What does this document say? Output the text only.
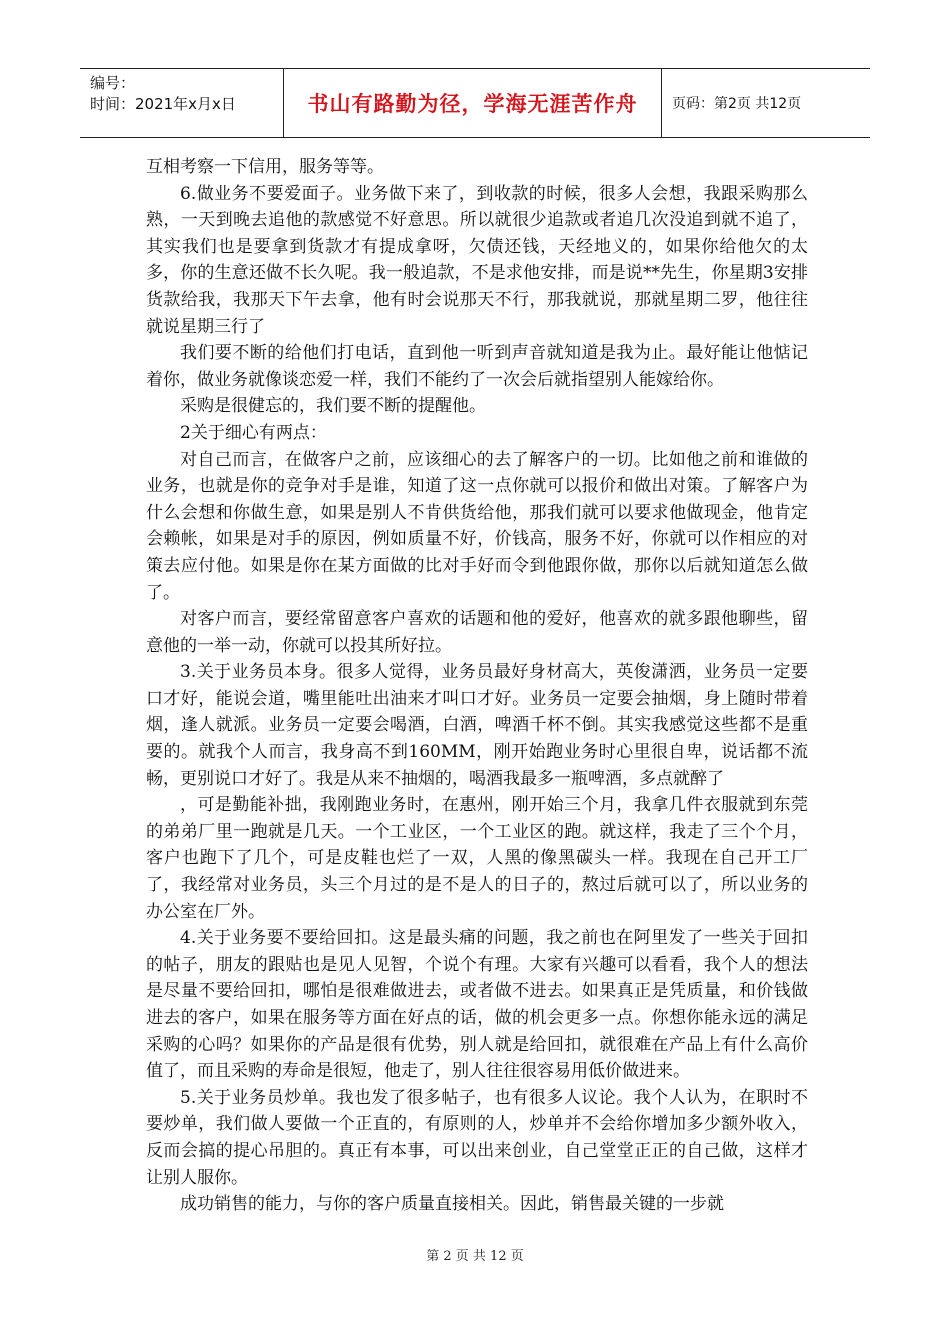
编号：
时间：2021年x月x日	书山有路勤为径，学海无涯苦作舟 页码：第2页 共12页

互相考察一下信用，服务等等。

6.做业务不要爱面子。业务做下来了，到收款的时候，很多人会想，我跟采购那么熟，一天到晚去追他的款感觉不好意思。所以就很少追款或者追几次没追到就不追了，其实我们也是要拿到货款才有提成拿呀，欠债还钱，天经地义的，如果你给他欠的太多，你的生意还做不长久呢。我一般追款，不是求他安排，而是说**先生，你星期3安排货款给我，我那天下午去拿，他有时会说那天不行，那我就说，那就星期二罗，他往往就说星期三行了

我们要不断的给他们打电话，直到他一听到声音就知道是我为止。最好能让他惦记着你，做业务就像谈恋爱一样，我们不能约了一次会后就指望别人能嫁给你。

采购是很健忘的，我们要不断的提醒他。

2关于细心有两点：

对自己而言，在做客户之前，应该细心的去了解客户的一切。比如他之前和谁做的业务，也就是你的竞争对手是谁，知道了这一点你就可以报价和做出对策。了解客户为什么会想和你做生意，如果是别人不肯供货给他，那我们就可以要求他做现金，他肯定会赖帐，如果是对手的原因，例如质量不好，价钱高，服务不好，你就可以作相应的对策去应付他。如果是你在某方面做的比对手好而令到他跟你做，那你以后就知道怎么做了。

对客户而言，要经常留意客户喜欢的话题和他的爱好，他喜欢的就多跟他聊些，留意他的一举一动，你就可以投其所好拉。

3.关于业务员本身。很多人觉得，业务员最好身材高大，英俊潇洒，业务员一定要口才好，能说会道，嘴里能吐出油来才叫口才好。业务员一定要会抽烟，身上随时带着烟，逢人就派。业务员一定要会喝酒，白酒，啤酒千杯不倒。其实我感觉这些都不是重要的。就我个人而言，我身高不到160MM，刚开始跑业务时心里很自卑，说话都不流畅，更别说口才好了。我是从来不抽烟的，喝酒我最多一瓶啤酒，多点就醉了

，可是勤能补拙，我刚跑业务时，在惠州，刚开始三个月，我拿几件衣服就到东莞的弟弟厂里一跑就是几天。一个工业区，一个工业区的跑。就这样，我走了三个个月，客户也跑下了几个，可是皮鞋也烂了一双，人黑的像黑碳头一样。我现在自己开工厂了，我经常对业务员，头三个月过的是不是人的日子的，熬过后就可以了，所以业务的办公室在厂外。

4.关于业务要不要给回扣。这是最头痛的问题，我之前也在阿里发了一些关于回扣的帖子，朋友的跟贴也是见人见智，个说个有理。大家有兴趣可以看看，我个人的想法是尽量不要给回扣，哪怕是很难做进去，或者做不进去。如果真正是凭质量，和价钱做进去的客户，如果在服务等方面在好点的话，做的机会更多一点。你想你能永远的满足采购的心吗？如果你的产品是很有优势，别人就是给回扣，就很难在产品上有什么高价值了，而且采购的寿命是很短，他走了，别人往往很容易用低价做进来。

5.关于业务员炒单。我也发了很多帖子，也有很多人议论。我个人认为，在职时不要炒单，我们做人要做一个正直的，有原则的人，炒单并不会给你增加多少额外收入，反而会搞的提心吊胆的。真正有本事，可以出来创业，自己堂堂正正的自己做，这样才让别人服你。

成功销售的能力，与你的客户质量直接相关。因此，销售最关键的一步就

第 2 页 共 12 页
